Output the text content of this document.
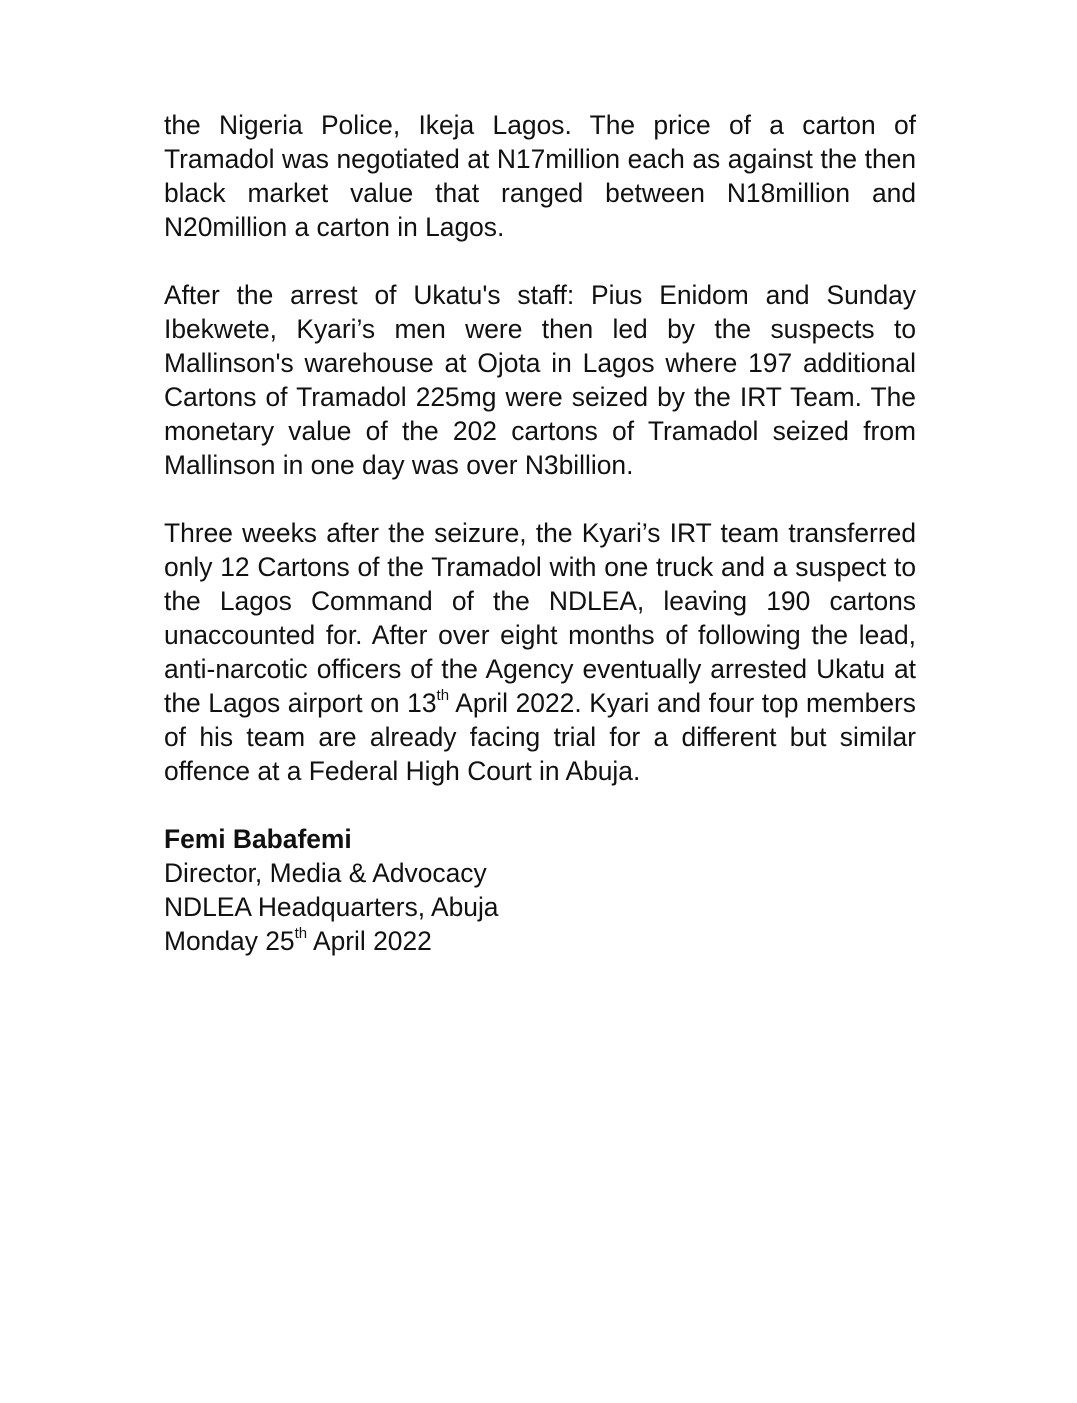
the Nigeria Police, Ikeja Lagos. The price of a carton of Tramadol was negotiated at N17million each as against the then black market value that ranged between N18million and N20million a carton in Lagos.

After the arrest of Ukatu's staff: Pius Enidom and Sunday Ibekwete, Kyari’s men were then led by the suspects to Mallinson's warehouse at Ojota in Lagos where 197 additional Cartons of Tramadol 225mg were seized by the IRT Team. The monetary value of the 202 cartons of Tramadol seized from Mallinson in one day was over N3billion.

Three weeks after the seizure, the Kyari’s IRT team transferred only 12 Cartons of the Tramadol with one truck and a suspect to the Lagos Command of the NDLEA, leaving 190 cartons unaccounted for. After over eight months of following the lead, anti-narcotic officers of the Agency eventually arrested Ukatu at the Lagos airport on 13th April 2022. Kyari and four top members of his team are already facing trial for a different but similar offence at a Federal High Court in Abuja.

Femi Babafemi
Director, Media & Advocacy
NDLEA Headquarters, Abuja
Monday 25th April 2022
